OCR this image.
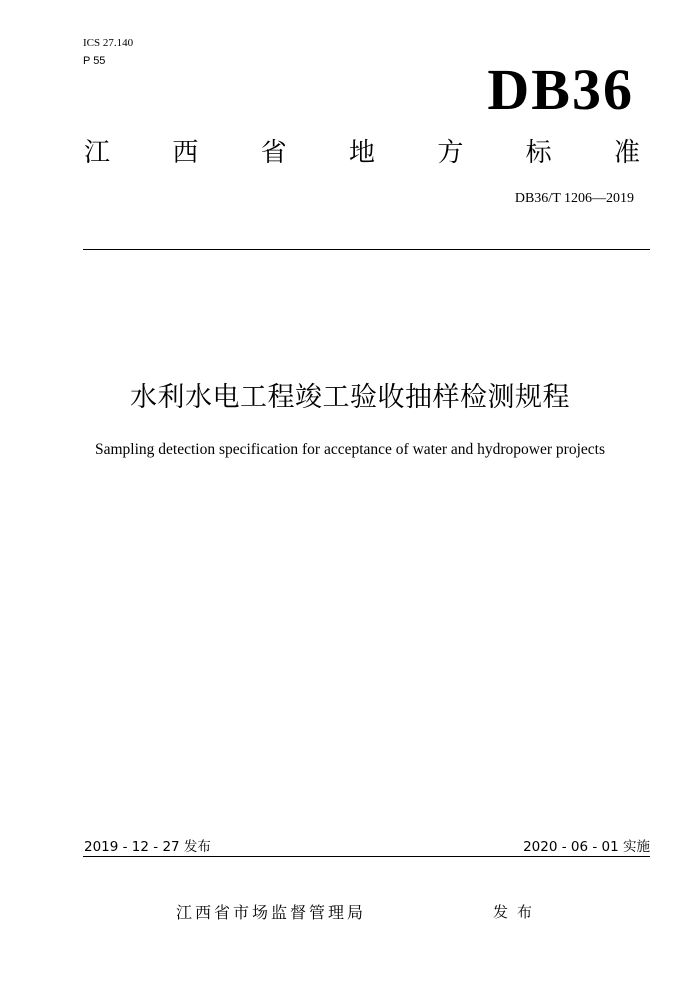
ICS 27.140
P 55	DB36
江 西 省 地 方 标 准
DB36/T 1206—2019
水利水电工程竣工验收抽样检测规程
Sampling detection specification for acceptance of water and hydropower projects
2019 - 12 - 27 发布	2020 - 06 - 01 实施
江西省市场监督管理局	发布
